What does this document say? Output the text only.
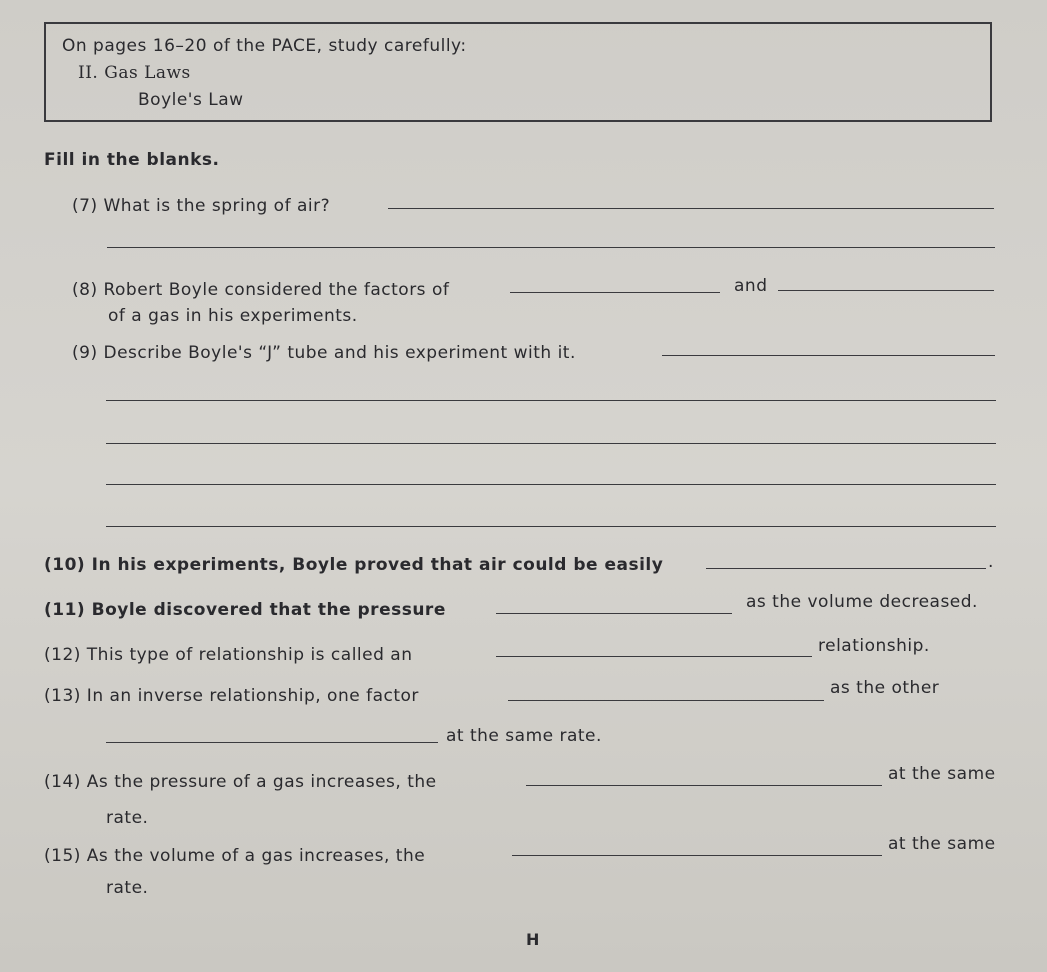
On pages 16–20 of the PACE, study carefully:
II. Gas Laws
Boyle's Law
Fill in the blanks.
(7) What is the spring of air?
(8) Robert Boyle considered the factors of	and
of a gas in his experiments.
(9) Describe Boyle's “J” tube and his experiment with it.
(10) In his experiments, Boyle proved that air could be easily	.
(11) Boyle discovered that the pressure	as the volume decreased.
(12) This type of relationship is called an	relationship.
(13) In an inverse relationship, one factor	as the other
at the same rate.
(14) As the pressure of a gas increases, the	at the same
rate.
(15) As the volume of a gas increases, the
at the same
rate.
H
